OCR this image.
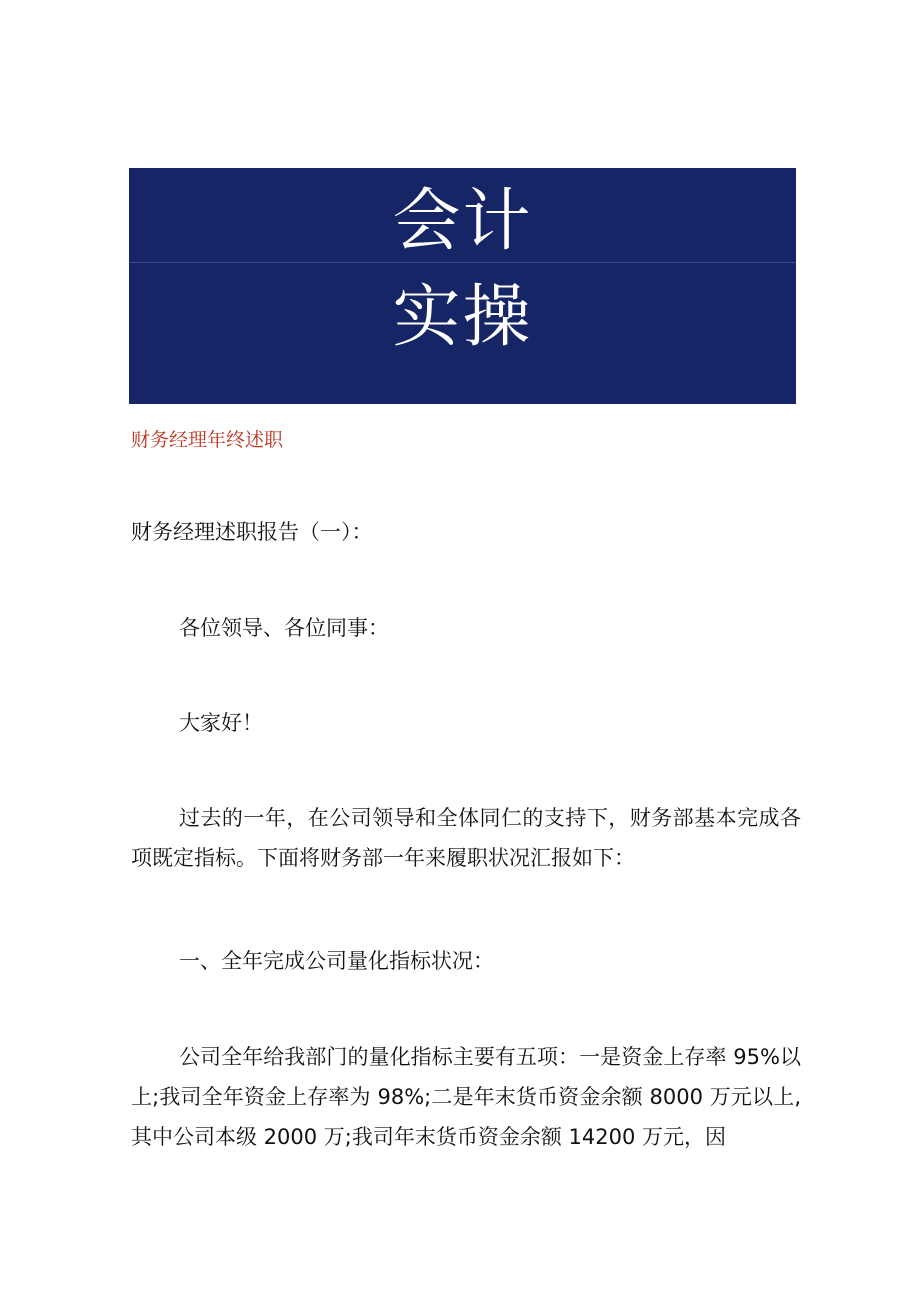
会计
实操
财务经理年终述职
财务经理述职报告（一）：
各位领导、各位同事：
大家好！
过去的一年，在公司领导和全体同仁的支持下，财务部基本完成各项既定指标。下面将财务部一年来履职状况汇报如下：
一、全年完成公司量化指标状况：
公司全年给我部门的量化指标主要有五项：一是资金上存率 95%以上;我司全年资金上存率为 98%;二是年末货币资金余额 8000 万元以上,其中公司本级 2000 万;我司年末货币资金余额 14200 万元，因
